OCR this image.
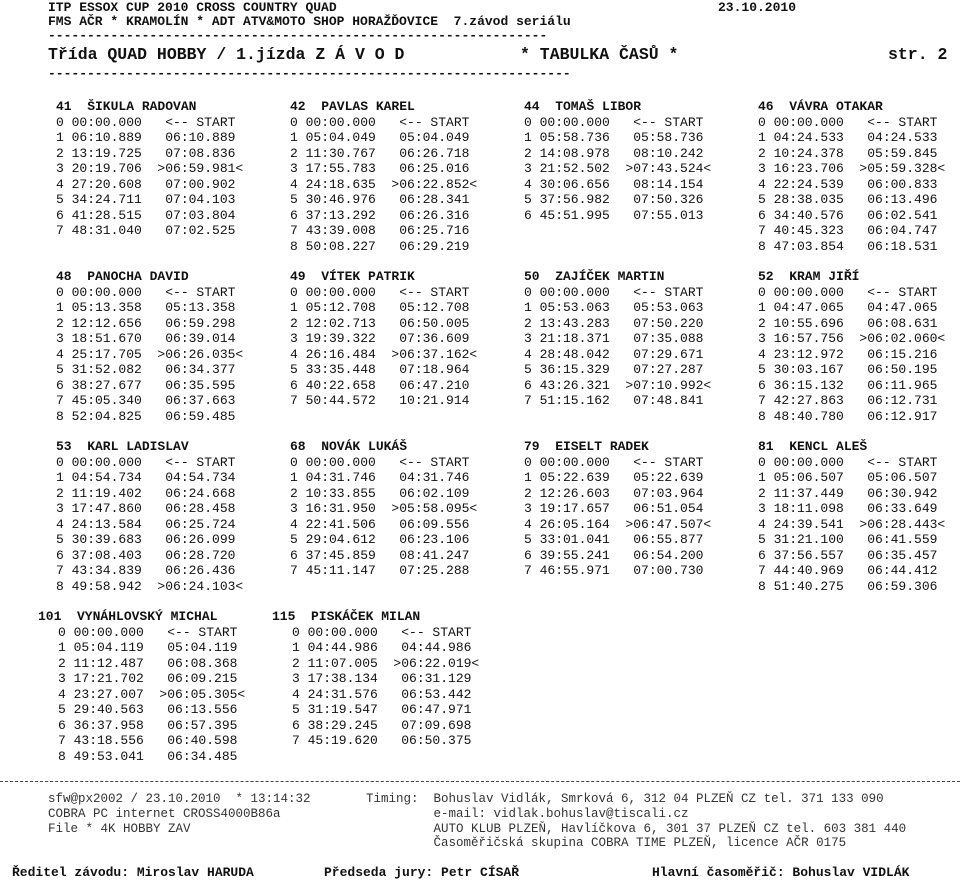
ITP ESSOX CUP 2010 CROSS COUNTRY QUAD	23.10.2010
FMS AČR * KRAMOLÍN * ADT ATV&MOTO SHOP HORAŽĎOVICE  7.závod seriálu
----------------------------------------------------------------
Třída QUAD HOBBY / 1.jízda Z Á V O D	* TABULKA ČASŮ *	str. 2
-------------------------------------------------------------------
41  ŠIKULA RADOVAN
0 00:00.000   <-- START
1 06:10.889   06:10.889
2 13:19.725   07:08.836
3 20:19.706  >06:59.981<
4 27:20.608   07:00.902
5 34:24.711   07:04.103
6 41:28.515   07:03.804
7 48:31.040   07:02.525
42  PAVLAS KAREL
0 00:00.000   <-- START
1 05:04.049   05:04.049
2 11:30.767   06:26.718
3 17:55.783   06:25.016
4 24:18.635  >06:22.852<
5 30:46.976   06:28.341
6 37:13.292   06:26.316
7 43:39.008   06:25.716
8 50:08.227   06:29.219
44  TOMAŠ LIBOR
0 00:00.000   <-- START
1 05:58.736   05:58.736
2 14:08.978   08:10.242
3 21:52.502  >07:43.524<
4 30:06.656   08:14.154
5 37:56.982   07:50.326
6 45:51.995   07:55.013
46  VÁVRA OTAKAR
0 00:00.000   <-- START
1 04:24.533   04:24.533
2 10:24.378   05:59.845
3 16:23.706  >05:59.328<
4 22:24.539   06:00.833
5 28:38.035   06:13.496
6 34:40.576   06:02.541
7 40:45.323   06:04.747
8 47:03.854   06:18.531
48  PANOCHA DAVID
0 00:00.000   <-- START
1 05:13.358   05:13.358
2 12:12.656   06:59.298
3 18:51.670   06:39.014
4 25:17.705  >06:26.035<
5 31:52.082   06:34.377
6 38:27.677   06:35.595
7 45:05.340   06:37.663
8 52:04.825   06:59.485
49  VÍTEK PATRIK
0 00:00.000   <-- START
1 05:12.708   05:12.708
2 12:02.713   06:50.005
3 19:39.322   07:36.609
4 26:16.484  >06:37.162<
5 33:35.448   07:18.964
6 40:22.658   06:47.210
7 50:44.572   10:21.914
50  ZAJÍČEK MARTIN
0 00:00.000   <-- START
1 05:53.063   05:53.063
2 13:43.283   07:50.220
3 21:18.371   07:35.088
4 28:48.042   07:29.671
5 36:15.329   07:27.287
6 43:26.321  >07:10.992<
7 51:15.162   07:48.841
52  KRAM JIŘÍ
0 00:00.000   <-- START
1 04:47.065   04:47.065
2 10:55.696   06:08.631
3 16:57.756  >06:02.060<
4 23:12.972   06:15.216
5 30:03.167   06:50.195
6 36:15.132   06:11.965
7 42:27.863   06:12.731
8 48:40.780   06:12.917
53  KARL LADISLAV
0 00:00.000   <-- START
1 04:54.734   04:54.734
2 11:19.402   06:24.668
3 17:47.860   06:28.458
4 24:13.584   06:25.724
5 30:39.683   06:26.099
6 37:08.403   06:28.720
7 43:34.839   06:26.436
8 49:58.942  >06:24.103<
68  NOVÁK LUKÁŠ
0 00:00.000   <-- START
1 04:31.746   04:31.746
2 10:33.855   06:02.109
3 16:31.950  >05:58.095<
4 22:41.506   06:09.556
5 29:04.612   06:23.106
6 37:45.859   08:41.247
7 45:11.147   07:25.288
79  EISELT RADEK
0 00:00.000   <-- START
1 05:22.639   05:22.639
2 12:26.603   07:03.964
3 19:17.657   06:51.054
4 26:05.164  >06:47.507<
5 33:01.041   06:55.877
6 39:55.241   06:54.200
7 46:55.971   07:00.730
81  KENCL ALEŠ
0 00:00.000   <-- START
1 05:06.507   05:06.507
2 11:37.449   06:30.942
3 18:11.098   06:33.649
4 24:39.541  >06:28.443<
5 31:21.100   06:41.559
6 37:56.557   06:35.457
7 44:40.969   06:44.412
8 51:40.275   06:59.306
101  VYNÁHLOVSKÝ MICHAL
0 00:00.000   <-- START
1 05:04.119   05:04.119
2 11:12.487   06:08.368
3 17:21.702   06:09.215
4 23:27.007  >06:05.305<
5 29:40.563   06:13.556
6 36:37.958   06:57.395
7 43:18.556   06:40.598
8 49:53.041   06:34.485
115  PISKÁČEK MILAN
0 00:00.000   <-- START
1 04:44.986   04:44.986
2 11:07.005  >06:22.019<
3 17:38.134   06:31.129
4 24:31.576   06:53.442
5 31:19.547   06:47.971
6 38:29.245   07:09.698
7 45:19.620   06:50.375
sfw@px2002 / 23.10.2010  * 13:14:32
COBRA PC internet CROSS4000B86a
File * 4K HOBBY ZAV
Timing:  Bohuslav Vidlák, Smrková 6, 312 04 PLZEŇ CZ tel. 371 133 090
e-mail: vidlak.bohuslav@tiscali.cz
AUTO KLUB PLZEŇ, Havlíčkova 6, 301 37 PLZEŇ CZ tel. 603 381 440
Časoměřičská skupina COBRA TIME PLZEŇ, licence AČR 0175
Ředitel závodu: Miroslav HARUDA	Předseda jury: Petr CÍSAŘ	Hlavní časoměřič: Bohuslav VIDLÁK
